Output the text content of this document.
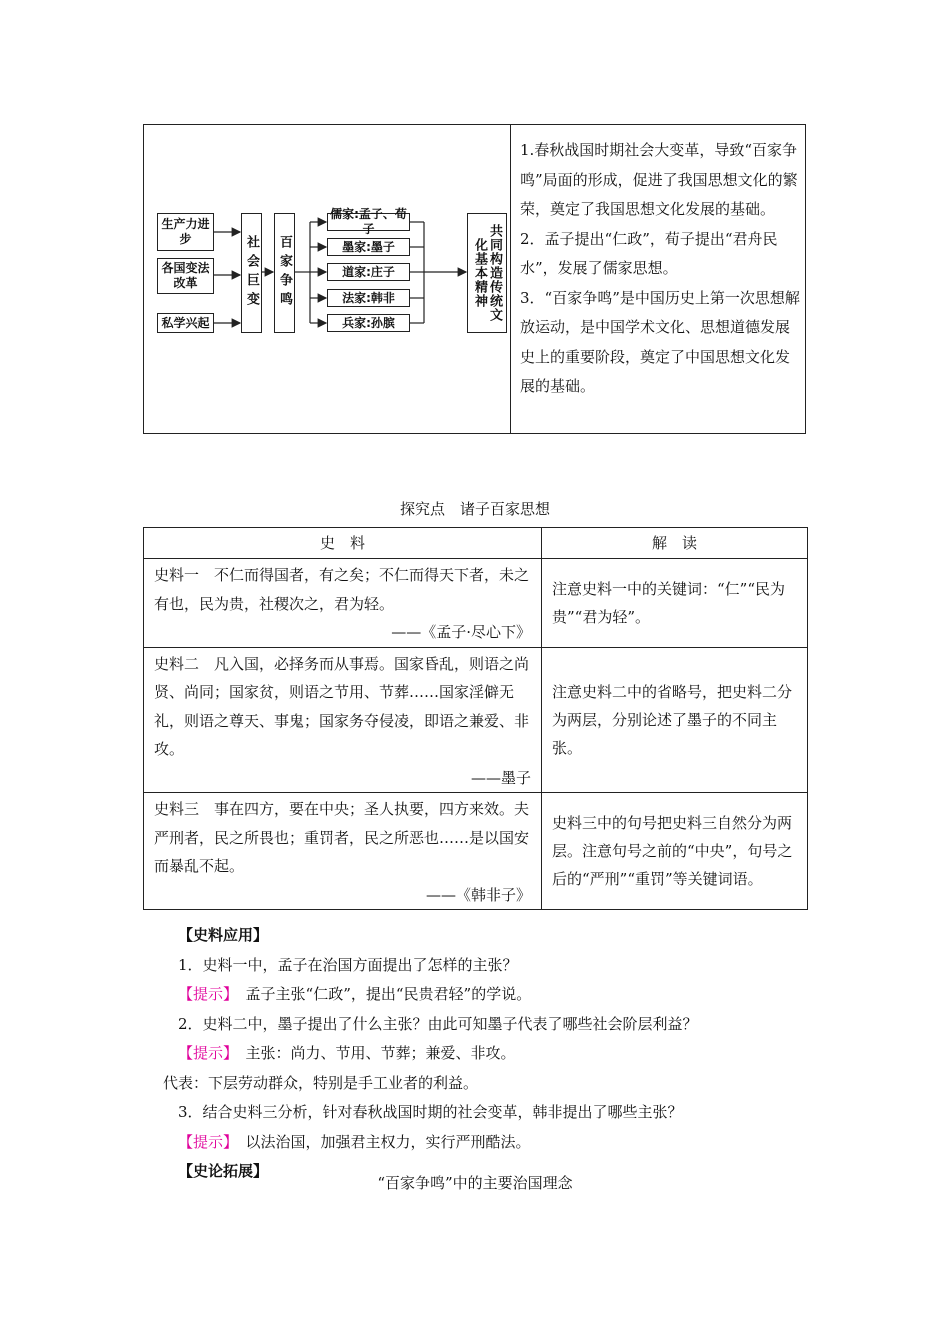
生产力进步
各国变法改革
私学兴起
社会巨变 百家争鸣
儒家:孟子、荀子
墨家:墨子
道家:庄子
法家:韩非
兵家:孙膑
共同构造传统文化基本精神

1.春秋战国时期社会大变革，导致“百家争鸣”局面的形成，促进了我国思想文化的繁荣，奠定了我国思想文化发展的基础。

2．孟子提出“仁政”，荀子提出“君舟民水”，发展了儒家思想。

3．“百家争鸣”是中国历史上第一次思想解放运动，是中国学术文化、思想道德发展史上的重要阶段，奠定了中国思想文化发展的基础。

探究点　诸子百家思想
史　料	解　读

史料一　不仁而得国者，有之矣；不仁而得天下者，未之有也，民为贵，社稷次之，君为轻。
——《孟子·尽心下》	注意史料一中的关键词：“仁”“民为贵”“君为轻”。

史料二　凡入国，必择务而从事焉。国家昏乱，则语之尚贤、尚同；国家贫，则语之节用、节葬……国家淫僻无礼，则语之尊天、事鬼；国家务夺侵凌，即语之兼爱、非攻。
——墨子	注意史料二中的省略号，把史料二分为两层，分别论述了墨子的不同主张。

史料三　事在四方，要在中央；圣人执要，四方来效。夫严刑者，民之所畏也；重罚者，民之所恶也……是以国安而暴乱不起。
——《韩非子》	史料三中的句号把史料三自然分为两层。注意句号之前的“中央”，句号之后的“严刑”“重罚”等关键词语。
【史料应用】
1．史料一中，孟子在治国方面提出了怎样的主张？
【提示】　 孟子主张“仁政”，提出“民贵君轻”的学说。
2．史料二中，墨子提出了什么主张？由此可知墨子代表了哪些社会阶层利益？
【提示】　 主张：尚力、节用、节葬；兼爱、非攻。
代表：下层劳动群众，特别是手工业者的利益。
3．结合史料三分析，针对春秋战国时期的社会变革，韩非提出了哪些主张？
【提示】　 以法治国，加强君主权力，实行严刑酷法。
【史论拓展】
“百家争鸣”中的主要治国理念
